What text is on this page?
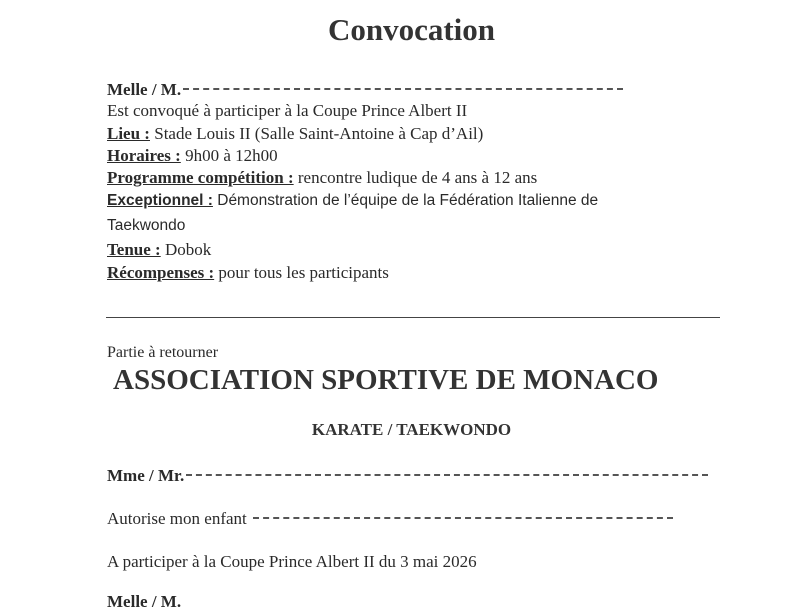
Convocation
Melle / M.
Est convoqué à participer à la Coupe Prince Albert II
Lieu : Stade Louis II (Salle Saint-Antoine à Cap d’Ail)
Horaires : 9h00 à 12h00
Programme compétition : rencontre ludique de 4 ans à 12 ans
Exceptionnel : Démonstration de l’équipe de la Fédération Italienne de
Taekwondo
Tenue : Dobok
Récompenses : pour tous les participants
Partie à retourner
ASSOCIATION SPORTIVE DE MONACO
KARATE / TAEKWONDO
Mme / Mr.
Autorise mon enfant
A participer à la Coupe Prince Albert II du 3 mai 2026
Melle / M.
